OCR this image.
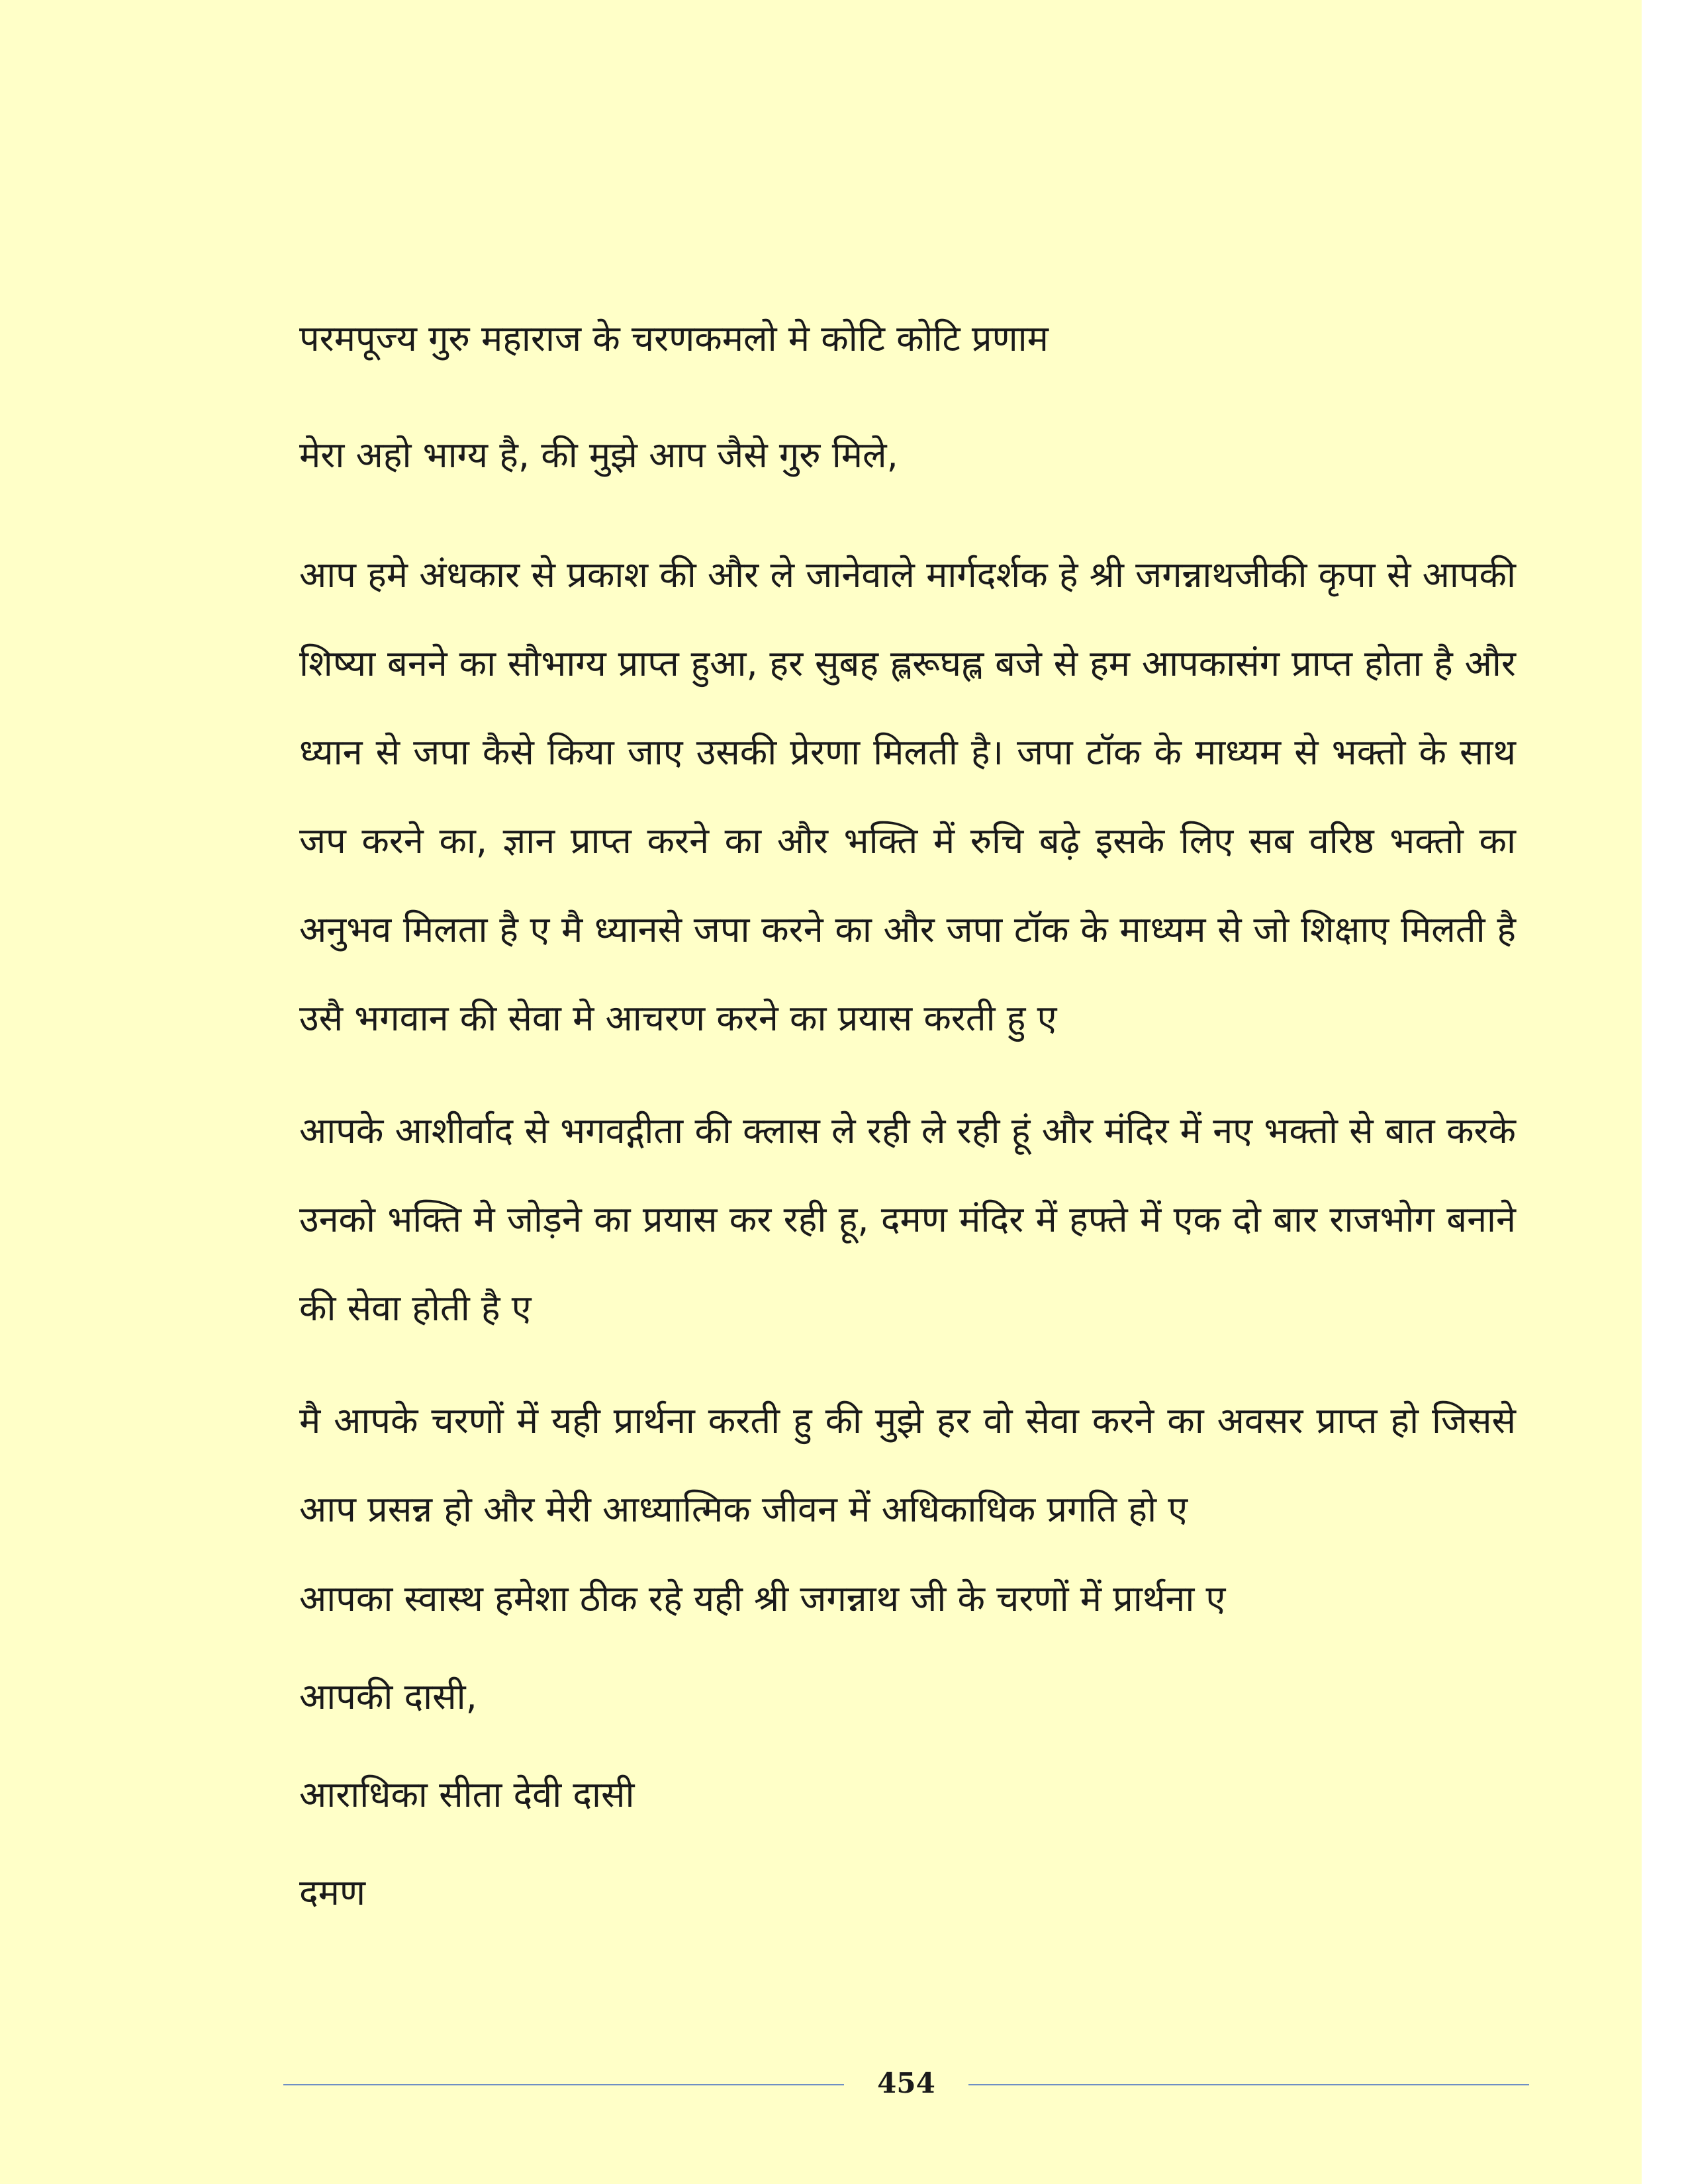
परमपूज्य गुरु महाराज के चरणकमलो मे कोटि कोटि प्रणाम

मेरा अहो भाग्य है, की मुझे आप जैसे गुरु मिले,

आप हमे अंधकार से प्रकाश की और ले जानेवाले मार्गदर्शक हे श्री जगन्नाथजीकी कृपा से आपकी शिष्या बनने का सौभाग्य प्राप्त हुआ, हर सुबह ह्लरूघह्ल बजे से हम आपकासंग प्राप्त होता है और ध्यान से जपा कैसे किया जाए उसकी प्रेरणा मिलती है। जपा टॉक के माध्यम से भक्तो के साथ जप करने का, ज्ञान प्राप्त करने का और भक्ति में रुचि बढ़े इसके लिए सब वरिष्ठ भक्तो का अनुभव मिलता है ए मै ध्यानसे जपा करने का और जपा टॉक के माध्यम से जो शिक्षाए मिलती है उसै भगवान की सेवा मे आचरण करने का प्रयास करती हु ए

आपके आशीर्वाद से भगवद्गीता की क्लास ले रही ले रही हूं और मंदिर में नए भक्तो से बात करके उनको भक्ति मे जोड़ने का प्रयास कर रही हू, दमण मंदिर में हफ्ते में एक दो बार राजभोग बनाने की सेवा होती है ए

मै आपके चरणों में यही प्रार्थना करती हु की मुझे हर वो सेवा करने का अवसर प्राप्त हो जिससे आप प्रसन्न हो और मेरी आध्यात्मिक जीवन में अधिकाधिक प्रगति हो ए

आपका स्वास्थ हमेशा ठीक रहे यही श्री जगन्नाथ जी के चरणों में प्रार्थना ए

आपकी दासी,

आराधिका सीता देवी दासी

दमण

454
